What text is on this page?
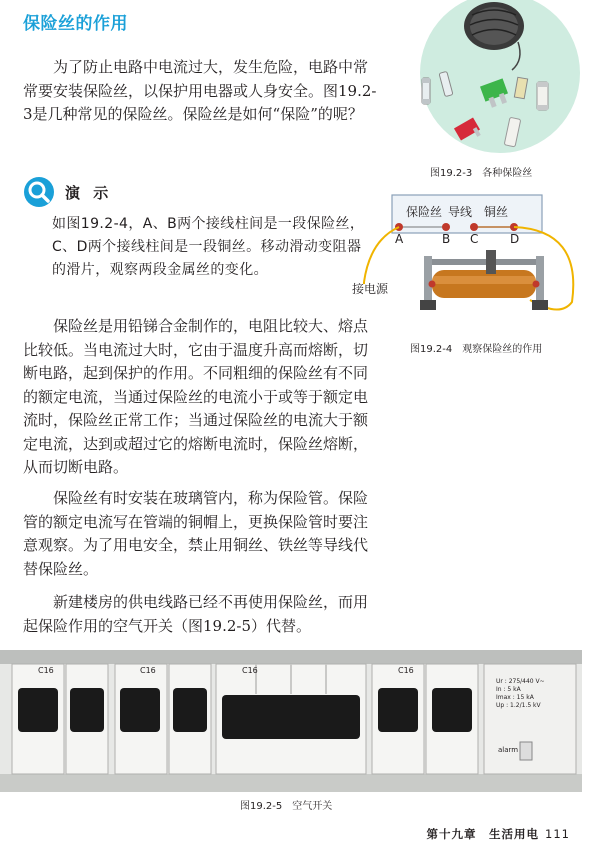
保险丝的作用

为了防止电路中电流过大，发生危险，电路中常常要安装保险丝，以保护用电器或人身安全。图19.2-3是几种常见的保险丝。保险丝是如何“保险”的呢？

图19.2-3　各种保险丝
演 示

如图19.2-4，A、B两个接线柱间是一段保险丝，C、D两个接线柱间是一段铜丝。移动滑动变阻器的滑片，观察两段金属丝的变化。

保险丝 导线 铜丝
A	B C	D
接电源
图19.2-4　观察保险丝的作用

保险丝是用铅锑合金制作的，电阻比较大、熔点比较低。当电流过大时，它由于温度升高而熔断，切断电路，起到保护的作用。不同粗细的保险丝有不同的额定电流，当通过保险丝的电流小于或等于额定电流时，保险丝正常工作；当通过保险丝的电流大于额定电流，达到或超过它的熔断电流时，保险丝熔断，从而切断电路。

保险丝有时安装在玻璃管内，称为保险管。保险管的额定电流写在管端的铜帽上，更换保险管时要注意观察。为了用电安全，禁止用铜丝、铁丝等导线代替保险丝。

新建楼房的供电线路已经不再使用保险丝，而用起保险作用的空气开关（图19.2-5）代替。

C16	C16	C16	C16
Ur : 275/440 V~
In : 5 kA
Imax : 15 kA
Up : 1.2/1.5 kV
alarm
图19.2-5　空气开关
第十九章　生活用电 111
